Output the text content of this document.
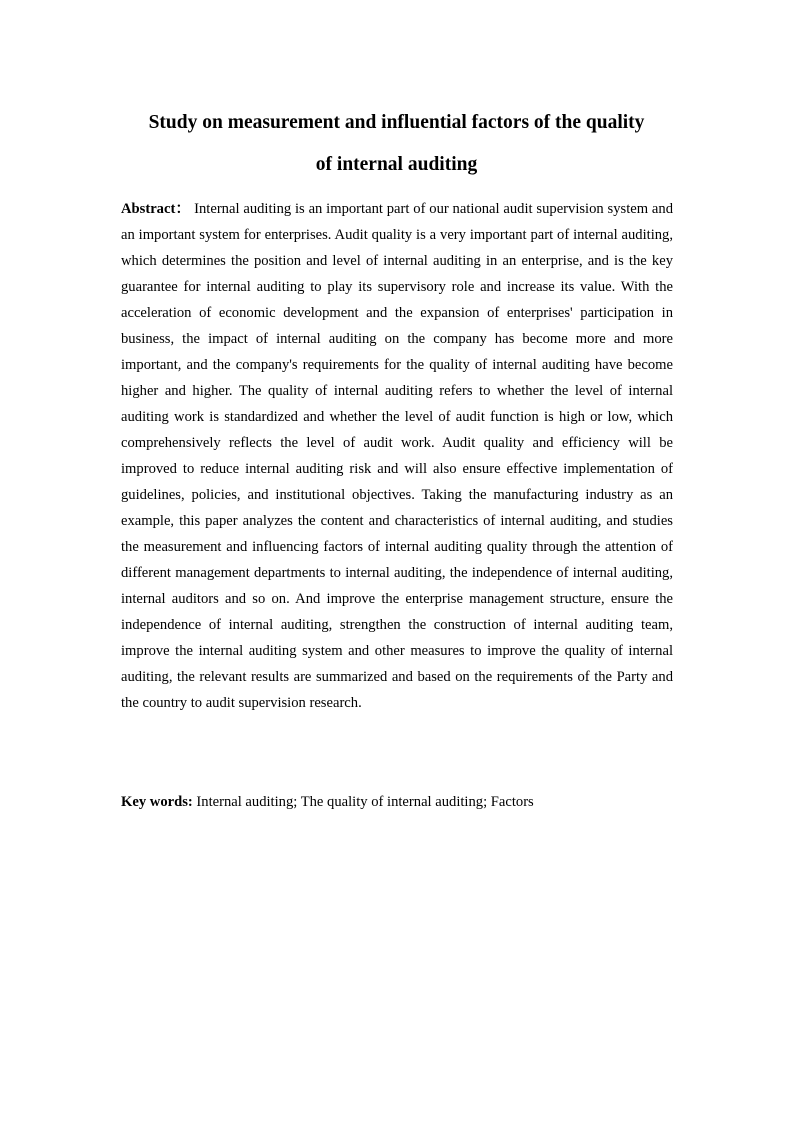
Study on measurement and influential factors of the quality
of internal auditing

Abstract： Internal auditing is an important part of our national audit supervision system and an important system for enterprises. Audit quality is a very important part of internal auditing, which determines the position and level of internal auditing in an enterprise, and is the key guarantee for internal auditing to play its supervisory role and increase its value. With the acceleration of economic development and the expansion of enterprises' participation in business, the impact of internal auditing on the company has become more and more important, and the company's requirements for the quality of internal auditing have become higher and higher. The quality of internal auditing refers to whether the level of internal auditing work is standardized and whether the level of audit function is high or low, which comprehensively reflects the level of audit work. Audit quality and efficiency will be improved to reduce internal auditing risk and will also ensure effective implementation of guidelines, policies, and institutional objectives. Taking the manufacturing industry as an example, this paper analyzes the content and characteristics of internal auditing, and studies the measurement and influencing factors of internal auditing quality through the attention of different management departments to internal auditing, the independence of internal auditing, internal auditors and so on. And improve the enterprise management structure, ensure the independence of internal auditing, strengthen the construction of internal auditing team, improve the internal auditing system and other measures to improve the quality of internal auditing, the relevant results are summarized and based on the requirements of the Party and the country to audit supervision research.

Key words: Internal auditing; The quality of internal auditing; Factors
